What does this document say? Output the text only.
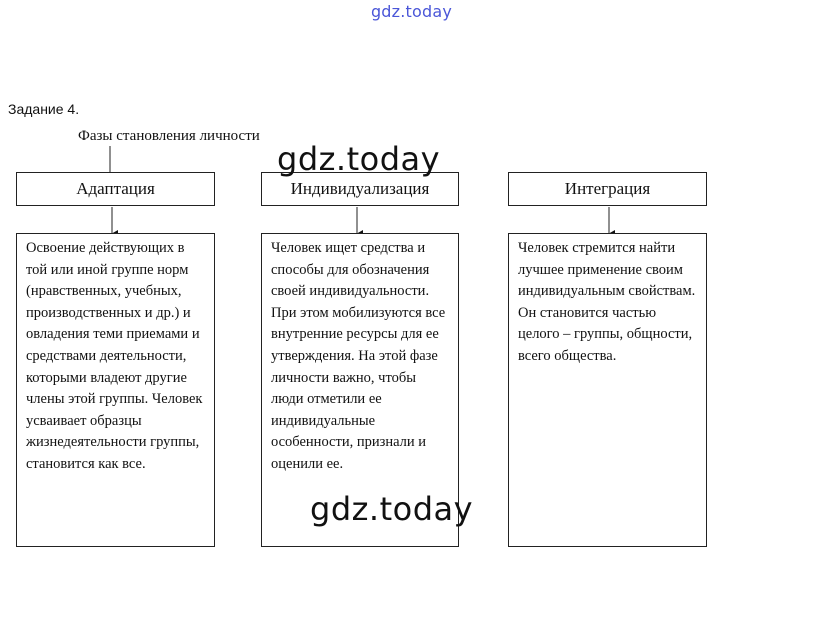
gdz.today
Задание 4.
Фазы становления личности
Адаптация	Индивидуализация	Интеграция
Освоение действующих в той или иной группе норм (нравственных, учебных, производственных и др.) и овладения теми приемами и средствами деятельности, которыми владеют другие члены этой группы. Человек усваивает образцы жизнедеятельности группы, становится как все.
Человек ищет средства и способы для обозначения своей индивидуальности. При этом мобилизуются все внутренние ресурсы для ее утверждения. На этой фазе личности важно, чтобы люди отметили ее индивидуальные особенности, признали и оценили ее.
Человек стремится найти лучшее применение своим индивидуальным свойствам. Он становится частью целого – группы, общности, всего общества.
gdz.today
gdz.today
